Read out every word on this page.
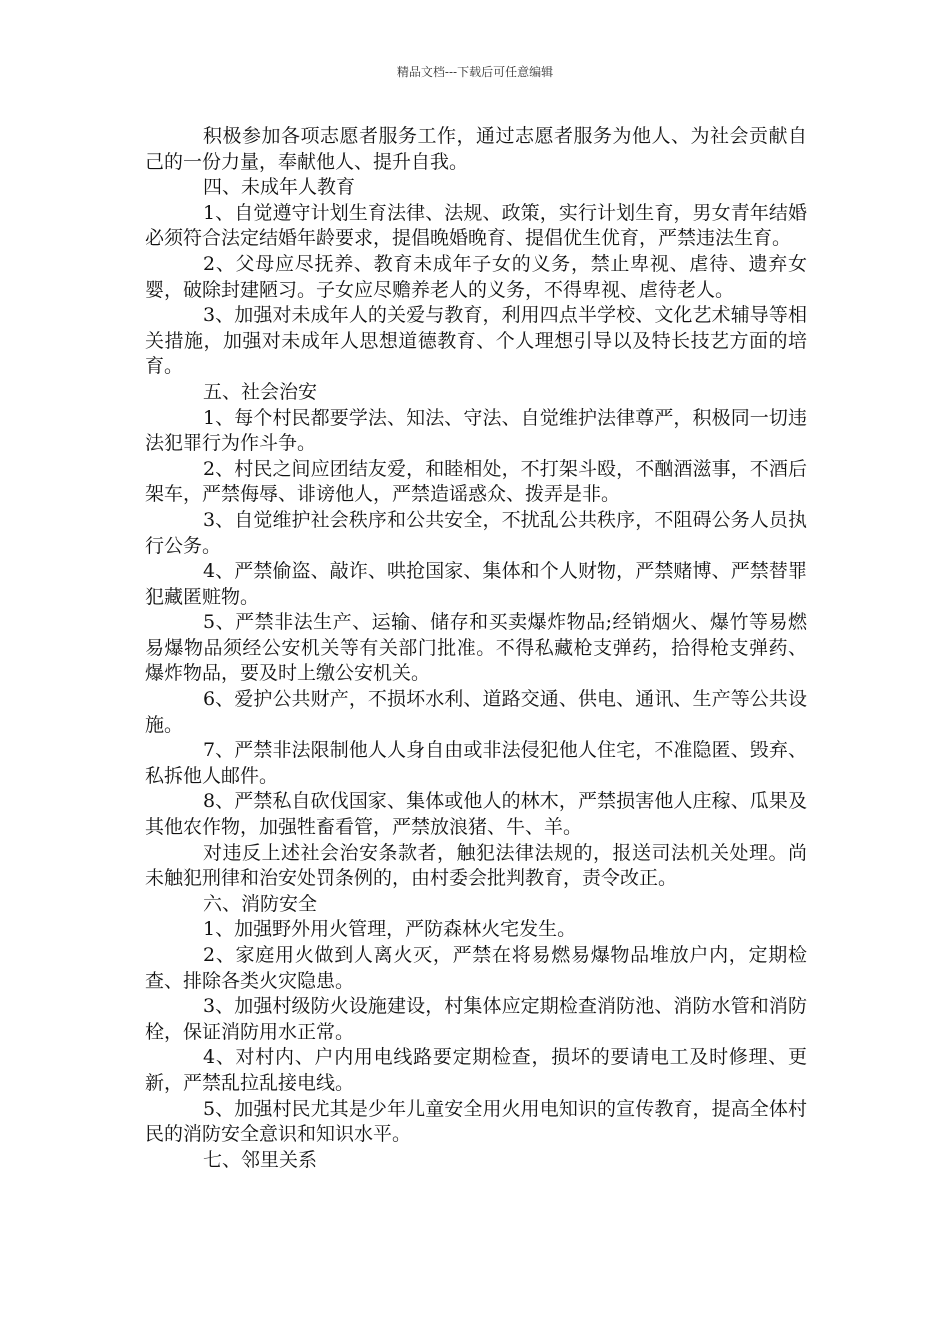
精品文档---下载后可任意编辑

积极参加各项志愿者服务工作，通过志愿者服务为他人、为社会贡献自己的一份力量，奉献他人、提升自我。

四、未成年人教育

1、自觉遵守计划生育法律、法规、政策，实行计划生育，男女青年结婚必须符合法定结婚年龄要求，提倡晚婚晚育、提倡优生优育，严禁违法生育。

2、父母应尽抚养、教育未成年子女的义务，禁止卑视、虐待、遗弃女婴，破除封建陋习。子女应尽赡养老人的义务，不得卑视、虐待老人。

3、加强对未成年人的关爱与教育，利用四点半学校、文化艺术辅导等相关措施，加强对未成年人思想道德教育、个人理想引导以及特长技艺方面的培育。

五、社会治安

1、每个村民都要学法、知法、守法、自觉维护法律尊严，积极同一切违法犯罪行为作斗争。

2、村民之间应团结友爱，和睦相处，不打架斗殴，不酗酒滋事，不酒后架车，严禁侮辱、诽谤他人，严禁造谣惑众、拨弄是非。

3、自觉维护社会秩序和公共安全，不扰乱公共秩序，不阻碍公务人员执行公务。

4、严禁偷盗、敲诈、哄抢国家、集体和个人财物，严禁赌博、严禁替罪犯藏匿赃物。

5、严禁非法生产、运输、储存和买卖爆炸物品;经销烟火、爆竹等易燃易爆物品须经公安机关等有关部门批准。不得私藏枪支弹药，拾得枪支弹药、爆炸物品，要及时上缴公安机关。

6、爱护公共财产，不损坏水利、道路交通、供电、通讯、生产等公共设施。

7、严禁非法限制他人人身自由或非法侵犯他人住宅，不准隐匿、毁弃、私拆他人邮件。

8、严禁私自砍伐国家、集体或他人的林木，严禁损害他人庄稼、瓜果及其他农作物，加强牲畜看管，严禁放浪猪、牛、羊。

对违反上述社会治安条款者，触犯法律法规的，报送司法机关处理。尚未触犯刑律和治安处罚条例的，由村委会批判教育，责令改正。

六、消防安全

1、加强野外用火管理，严防森林火宅发生。

2、家庭用火做到人离火灭，严禁在将易燃易爆物品堆放户内，定期检查、排除各类火灾隐患。

3、加强村级防火设施建设，村集体应定期检查消防池、消防水管和消防栓，保证消防用水正常。

4、对村内、户内用电线路要定期检查，损坏的要请电工及时修理、更新，严禁乱拉乱接电线。

5、加强村民尤其是少年儿童安全用火用电知识的宣传教育，提高全体村民的消防安全意识和知识水平。

七、邻里关系
